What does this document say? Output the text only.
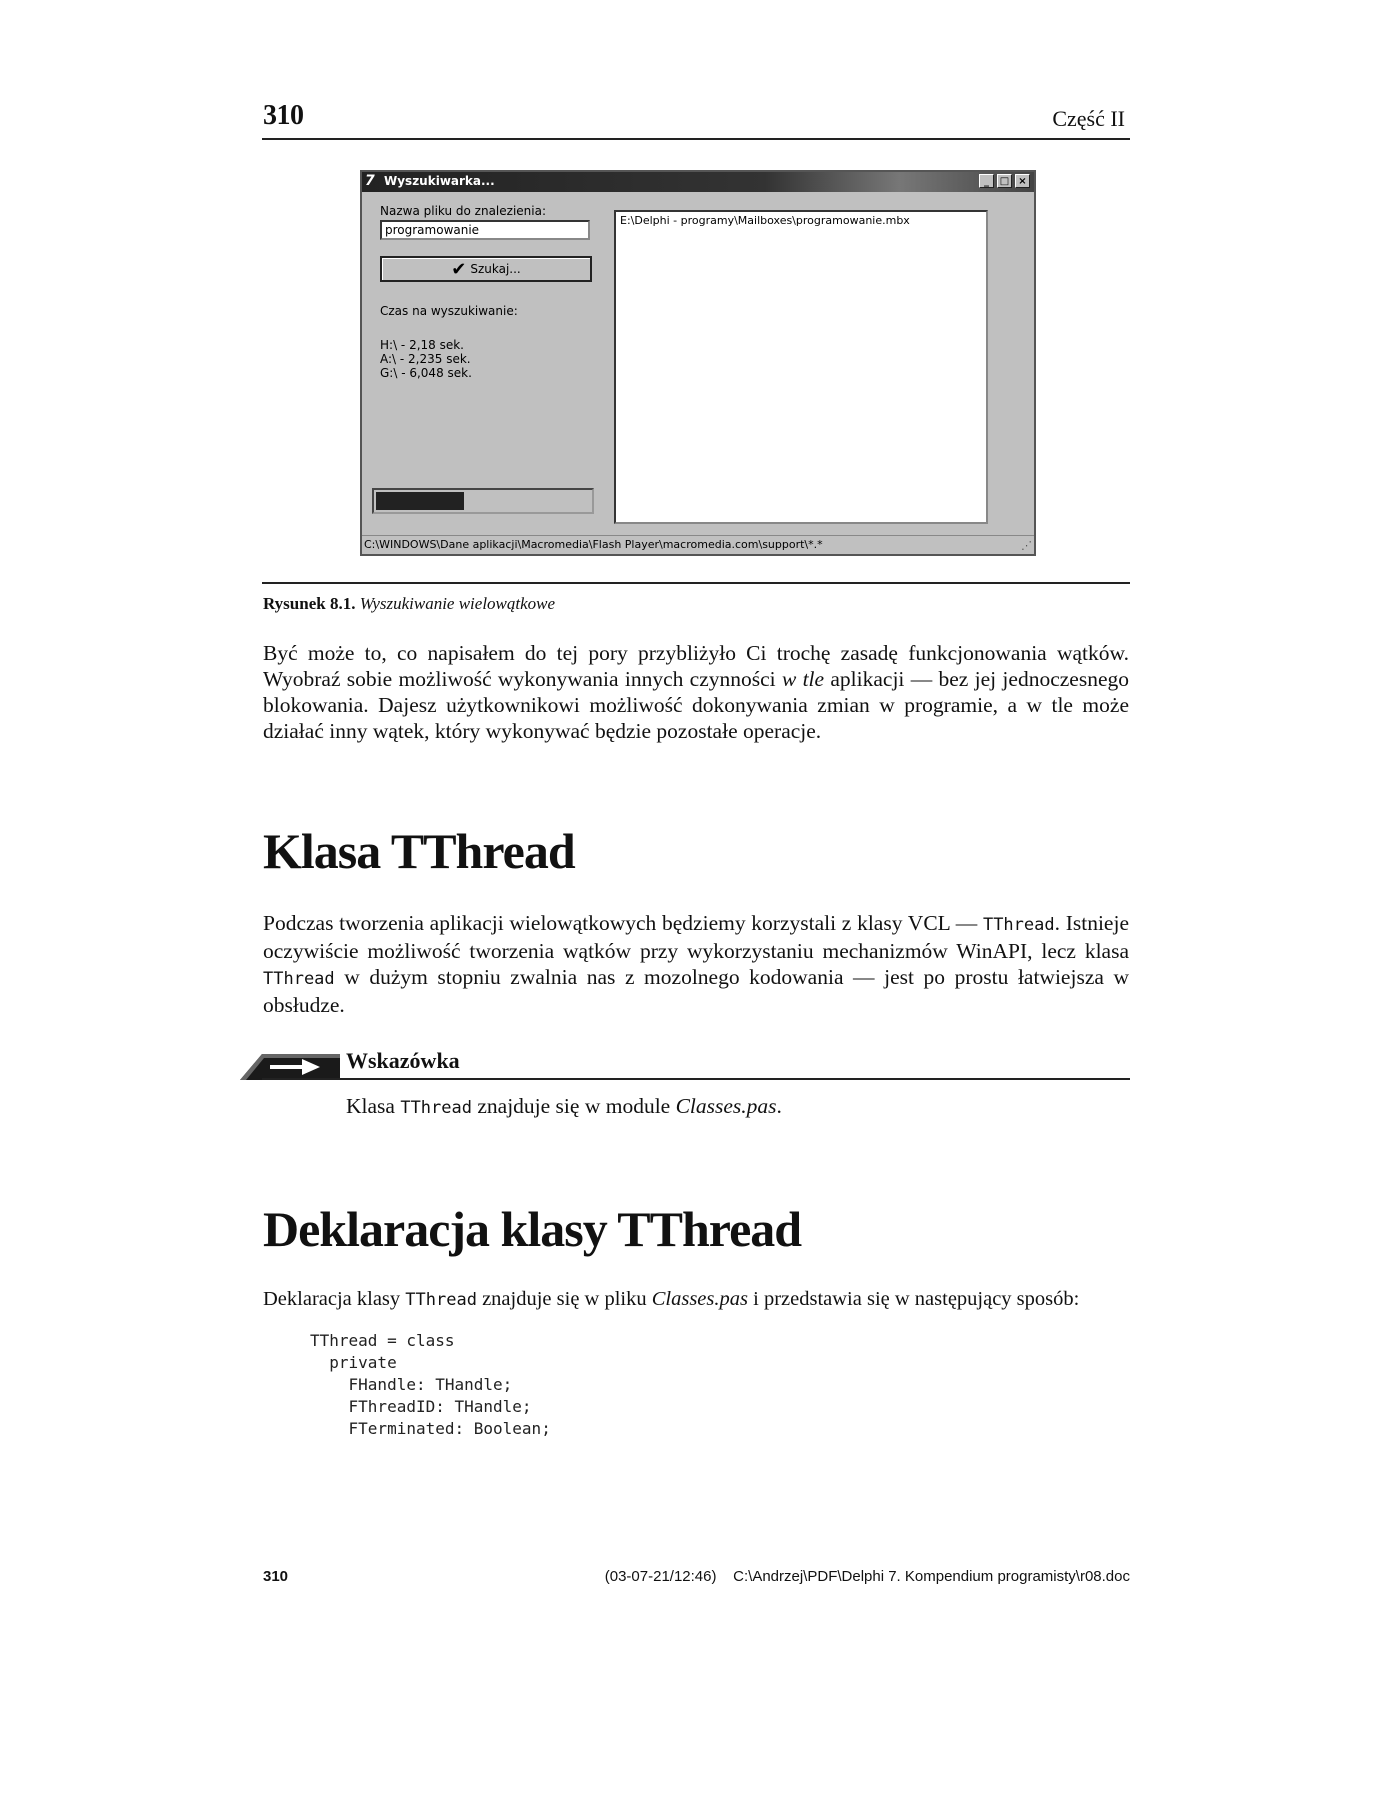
310	Część II
7 Wyszukiwarka...	_	□ ×
Nazwa pliku do znalezienia:
programowanie
✔ Szukaj...
Czas na wyszukiwanie:
H:\ - 2,18 sek.
A:\ - 2,235 sek.
G:\ - 6,048 sek.
E:\Delphi - programy\Mailboxes\programowanie.mbx
C:\WINDOWS\Dane aplikacji\Macromedia\Flash Player\macromedia.com\support\*.*	⋰
Rysunek 8.1. Wyszukiwanie wielowątkowe

Być może to, co napisałem do tej pory przybliżyło Ci trochę zasadę funkcjonowania wątków. Wyobraź sobie możliwość wykonywania innych czynności w tle aplikacji — bez jej jednoczesnego blokowania. Dajesz użytkownikowi możliwość dokonywania zmian w programie, a w tle może działać inny wątek, który wykonywać będzie pozostałe operacje.

Klasa TThread

Podczas tworzenia aplikacji wielowątkowych będziemy korzystali z klasy VCL — TThread. Istnieje oczywiście możliwość tworzenia wątków przy wykorzystaniu mechanizmów WinAPI, lecz klasa TThread w dużym stopniu zwalnia nas z mozolnego kodowania — jest po prostu łatwiejsza w obsłudze.

Wskazówka
Klasa TThread znajduje się w module Classes.pas.
Deklaracja klasy TThread

Deklaracja klasy TThread znajduje się w pliku Classes.pas i przedstawia się w następujący sposób:

TThread = class
private
FHandle: THandle;
FThreadID: THandle;
FTerminated: Boolean;
310	(03-07-21/12:46)    C:\Andrzej\PDF\Delphi 7. Kompendium programisty\r08.doc
